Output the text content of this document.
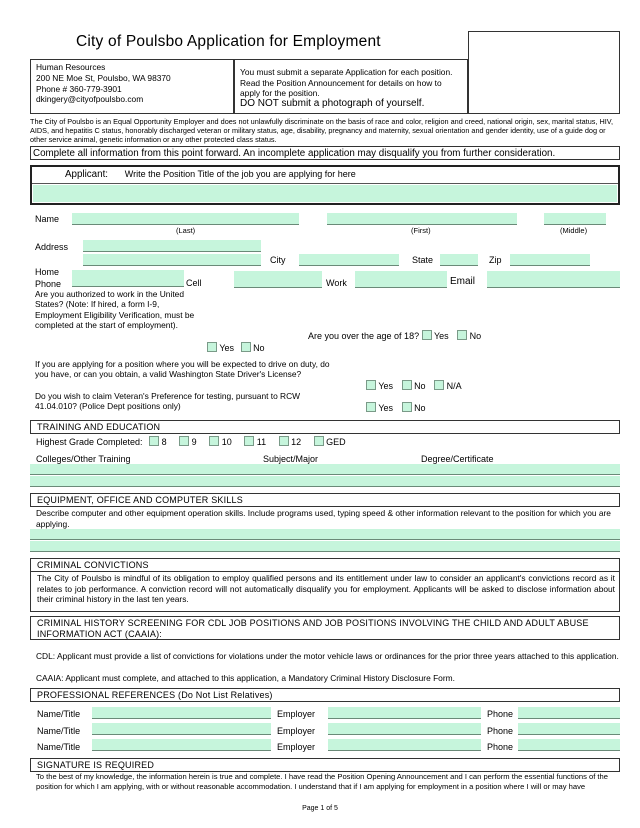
City of Poulsbo Application for Employment
Human Resources
200 NE Moe St, Poulsbo, WA 98370
Phone # 360-779-3901
dkingery@cityofpoulsbo.com
You must submit a separate Application for each position.
Read the Position Announcement for details on how to apply for the position.
DO NOT submit a photograph of yourself.
The City of Poulsbo is an Equal Opportunity Employer and does not unlawfully discriminate on the basis of race and color, religion and creed, national origin, sex, marital status, HIV, AIDS, and hepatitis C status, honorably discharged veteran or military status, age, disability, pregnancy and maternity, sexual orientation and gender identity, use of a guide dog or other service animal, genetic information or any other protected class status.
Complete all information from this point forward. An incomplete application may disqualify you from further consideration.
Applicant: Write the Position Title of the job you are applying for here
Name
(Last)	(First)	(Middle)
Address
City	State	Zip
Home Phone	Cell	Work	Email
Are you authorized to work in the United States? (Note: If hired, a form I-9, Employment Eligibility Verification, must be completed at the start of employment).
Yes No
Are you over the age of 18? Yes No
If you are applying for a position where you will be expected to drive on duty, do you have, or can you obtain, a valid Washington State Driver's License?
Yes No N/A
Do you wish to claim Veteran's Preference for testing, pursuant to RCW 41.04.010? (Police Dept positions only)	Yes No
TRAINING AND EDUCATION
Highest Grade Completed: 8	9	10	11	12	GED
Colleges/Other Training	Subject/Major	Degree/Certificate
EQUIPMENT, OFFICE AND COMPUTER SKILLS
Describe computer and other equipment operation skills. Include programs used, typing speed & other information relevant to the position for which you are applying.
CRIMINAL CONVICTIONS
The City of Poulsbo is mindful of its obligation to employ qualified persons and its entitlement under law to consider an applicant's convictions record as it relates to job performance. A conviction record will not automatically disqualify you for employment. Applicants will be asked to disclose information about their criminal history in the last ten years.
CRIMINAL HISTORY SCREENING FOR CDL JOB POSITIONS AND JOB POSITIONS INVOLVING THE CHILD AND ADULT ABUSE INFORMATION ACT (CAAIA):
CDL: Applicant must provide a list of convictions for violations under the motor vehicle laws or ordinances for the prior three years attached to this application.
CAAIA: Applicant must complete, and attached to this application, a Mandatory Criminal History Disclosure Form.
PROFESSIONAL REFERENCES (Do Not List Relatives)
Name/Title	Employer	Phone
Name/Title	Employer	Phone
Name/Title	Employer	Phone
SIGNATURE IS REQUIRED
To the best of my knowledge, the information herein is true and complete. I have read the Position Opening Announcement and I can perform the essential functions of the position for which I am applying, with or without reasonable accommodation. I understand that if I am applying for employment in a position where I will or may have
Page 1 of 5
